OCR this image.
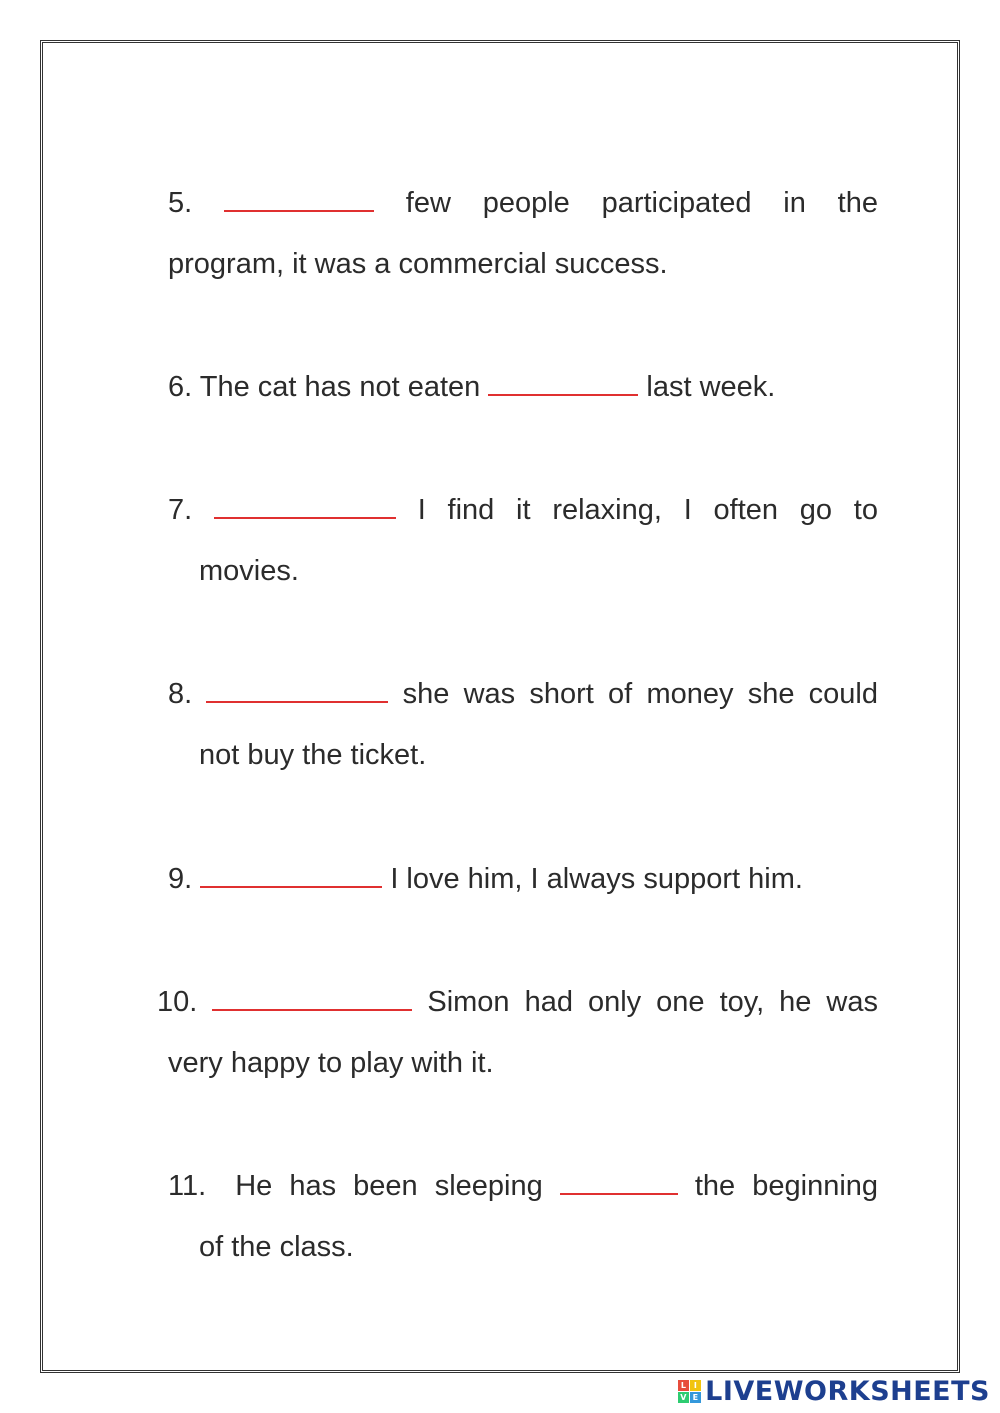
5.	few people participated in the
program, it was a commercial success.
6. The cat has not eaten	last week.
7.	I find it relaxing, I often go to
movies.
8.	she was short of money she could
not buy the ticket.
9.	I love him, I always support him.
10.	Simon had only one toy, he was
very happy to play with it.
11. He has been sleeping	the beginning
of the class.
L I
V E LIVEWORKSHEETS
